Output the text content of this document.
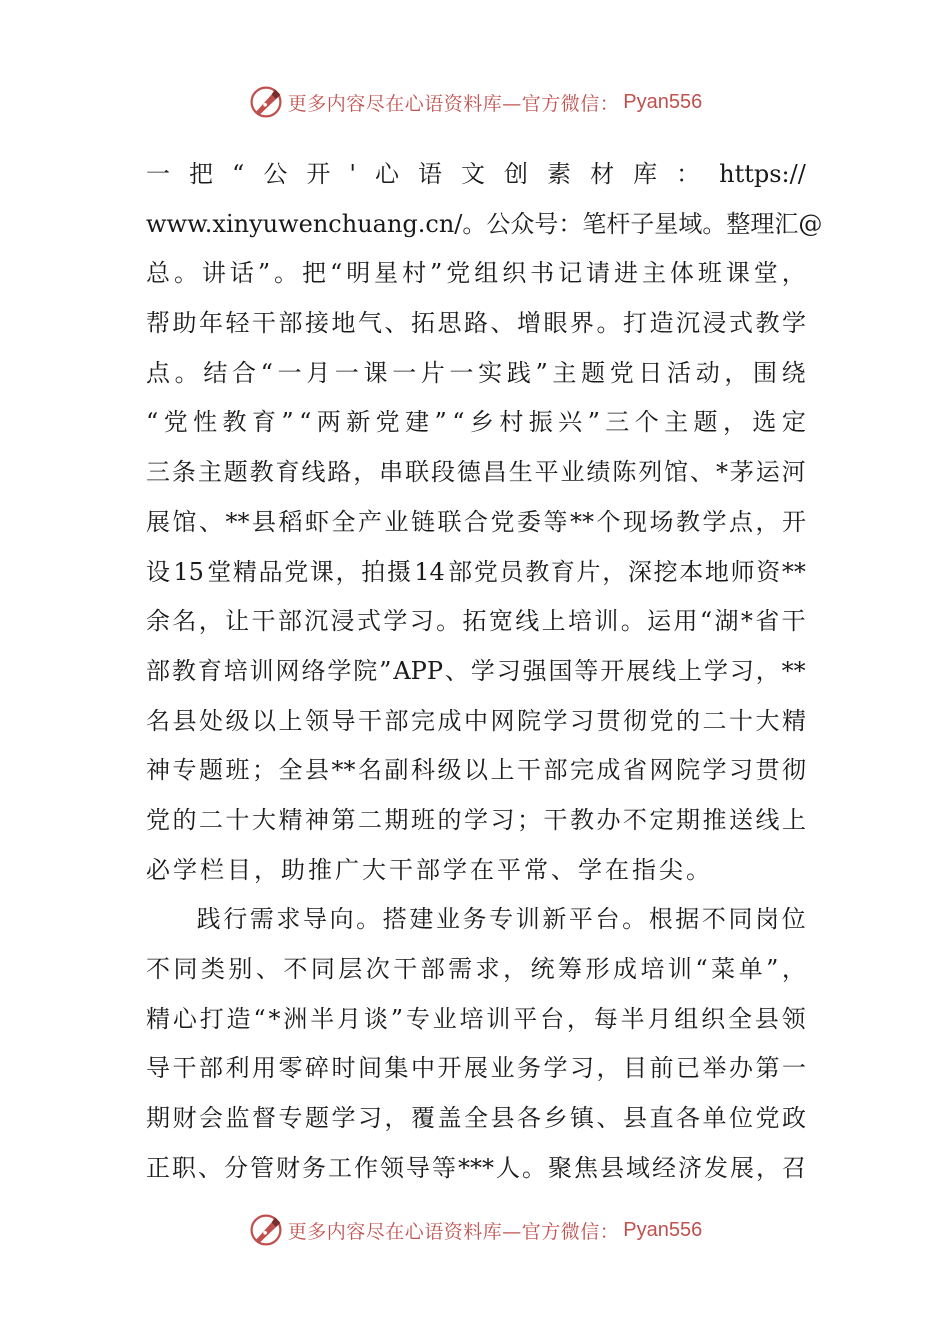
更多内容尽在心语资料库—官方微信： Pyan556
一 把 “ 公 开 ' 心 语 文 创 素 材 库 ： https://
www.xinyuwenchuang.cn/ 。 公 众 号 ： 笔 杆 子 星 域 。 整 理 汇 @
总 。 讲 话 ” 。 把 “ 明 星 村 ” 党 组 织 书 记 请 进 主 体 班 课 堂 ，
帮 助 年 轻 干 部 接 地 气 、 拓 思 路 、 增 眼 界 。 打 造 沉 浸 式 教 学
点 。 结 合 “ 一 月 一 课 一 片 一 实 践 ” 主 题 党 日 活 动 ， 围 绕
“ 党 性 教 育 ” “ 两 新 党 建 ” “ 乡 村 振 兴 ” 三 个 主 题 ， 选 定
三 条 主 题 教 育 线 路 ， 串 联 段 德 昌 生 平 业 绩 陈 列 馆 、 * 茅 运 河
展 馆 、 ** 县 稻 虾 全 产 业 链 联 合 党 委 等 ** 个 现 场 教 学 点 ， 开
设 15 堂 精 品 党 课 ， 拍 摄 14 部 党 员 教 育 片 ， 深 挖 本 地 师 资 **
余 名 ， 让 干 部 沉 浸 式 学 习 。 拓 宽 线 上 培 训 。 运 用 “ 湖 * 省 干
部 教 育 培 训 网 络 学 院 ” APP 、 学 习 强 国 等 开 展 线 上 学 习 ， **
名 县 处 级 以 上 领 导 干 部 完 成 中 网 院 学 习 贯 彻 党 的 二 十 大 精
神 专 题 班 ； 全 县 ** 名 副 科 级 以 上 干 部 完 成 省 网 院 学 习 贯 彻
党 的 二 十 大 精 神 第 二 期 班 的 学 习 ； 干 教 办 不 定 期 推 送 线 上
必学栏目，助推广大干部学在平常、学在指尖。

践 行 需 求 导 向 。 搭 建 业 务 专 训 新 平 台 。 根 据 不 同 岗 位
不 同 类 别 、 不 同 层 次 干 部 需 求 ， 统 筹 形 成 培 训 “ 菜 单 ” ，
精 心 打 造 “ * 洲 半 月 谈 ” 专 业 培 训 平 台 ， 每 半 月 组 织 全 县 领
导 干 部 利 用 零 碎 时 间 集 中 开 展 业 务 学 习 ， 目 前 已 举 办 第 一
期 财 会 监 督 专 题 学 习 ， 覆 盖 全 县 各 乡 镇 、 县 直 各 单 位 党 政
正 职 、 分 管 财 务 工 作 领 导 等 *** 人 。 聚 焦 县 域 经 济 发 展 ， 召
更多内容尽在心语资料库—官方微信： Pyan556
